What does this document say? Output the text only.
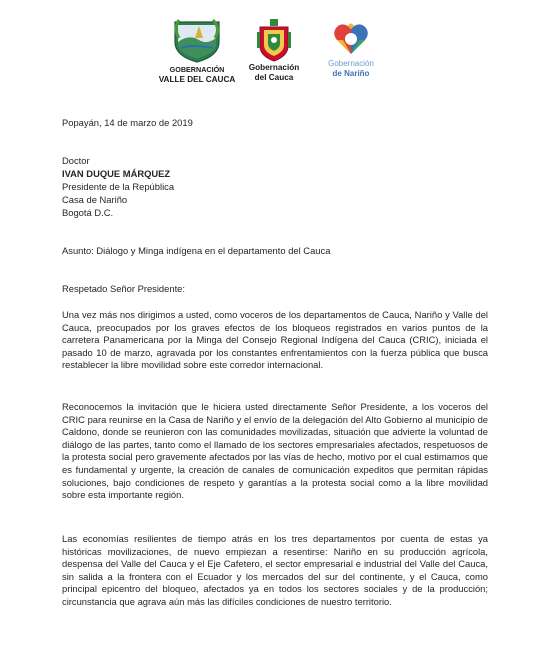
GOBERNACIÓN
VALLE DEL CAUCA
Gobernación
del Cauca
Gobernación
de Nariño
Popayán, 14 de marzo de 2019
Doctor
IVAN DUQUE MÁRQUEZ
Presidente de la República
Casa de Nariño
Bogotá D.C.
Asunto: Diálogo y Minga indígena en el departamento del Cauca
Respetado Señor Presidente:
Una vez más nos dirigimos a usted, como voceros de los departamentos de Cauca, Nariño y Valle del Cauca, preocupados por los graves efectos de los bloqueos registrados en varios puntos de la carretera Panamericana por la Minga del Consejo Regional Indígena del Cauca (CRIC), iniciada el pasado 10 de marzo, agravada por los constantes enfrentamientos con la fuerza pública que busca restablecer la libre movilidad sobre este corredor internacional.
Reconocemos la invitación que le hiciera usted directamente Señor Presidente, a los voceros del CRIC para reunirse en la Casa de Nariño y el envío de la delegación del Alto Gobierno al municipio de Caldono, donde se reunieron con las comunidades movilizadas, situación que advierte la voluntad de diálogo de las partes, tanto como el llamado de los sectores empresariales afectados, respetuosos de la protesta social pero gravemente afectados por las vías de hecho, motivo por el cual estimamos que es fundamental y urgente, la creación de canales de comunicación expeditos que permitan rápidas soluciones, bajo condiciones de respeto y garantías a la protesta social como a la libre movilidad sobre esta importante región.
Las economías resilientes de tiempo atrás en los tres departamentos por cuenta de estas ya históricas movilizaciones, de nuevo empiezan a resentirse: Nariño en su producción agrícola, despensa del Valle del Cauca y el Eje Cafetero, el sector empresarial e industrial del Valle del Cauca, sin salida a la frontera con el Ecuador y los mercados del sur del continente, y el Cauca, como principal epicentro del bloqueo, afectados ya en todos los sectores sociales y de la producción; circunstancia que agrava aún más las difíciles condiciones de nuestro territorio.
